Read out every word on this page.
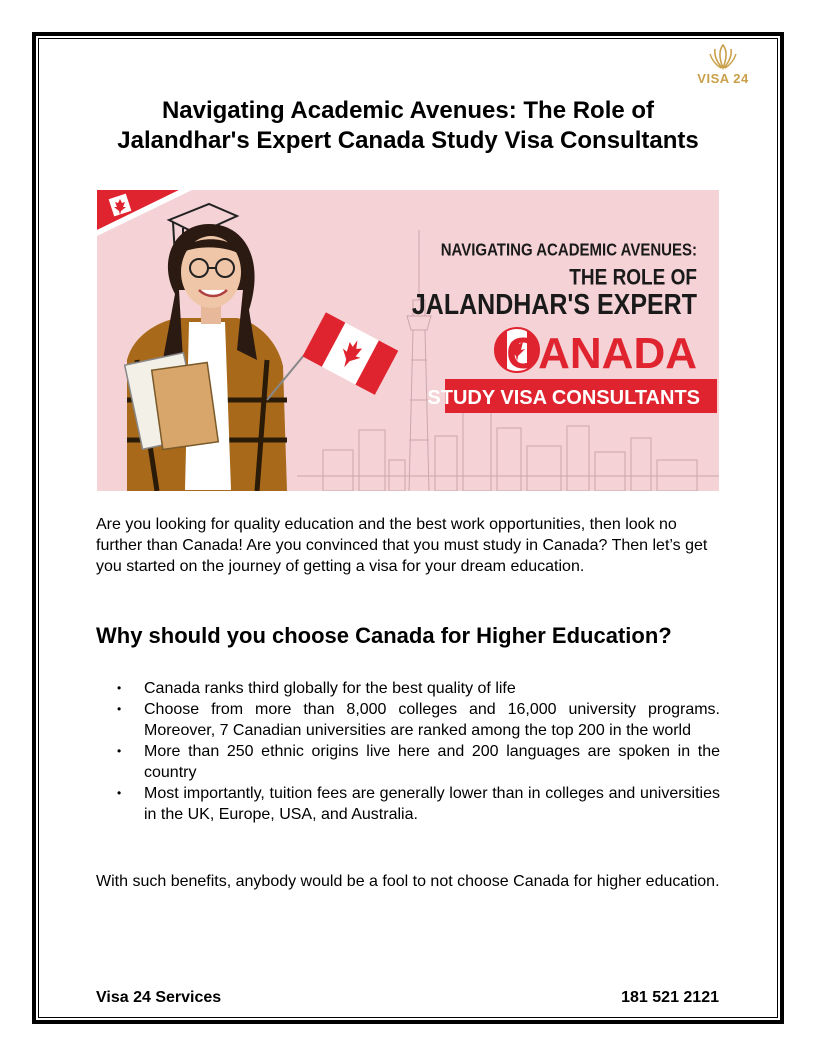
VISA 24
Navigating Academic Avenues: The Role of
Jalandhar's Expert Canada Study Visa Consultants
NAVIGATING ACADEMIC AVENUES:
THE ROLE OF
JALANDHAR'S EXPERT
CANADA
STUDY VISA CONSULTANTS

Are you looking for quality education and the best work opportunities, then look no further than Canada! Are you convinced that you must study in Canada? Then let’s get you started on the journey of getting a visa for your dream education.

Why should you choose Canada for Higher Education?
• Canada ranks third globally for the best quality of life
• Choose from more than 8,000 colleges and 16,000 university programs. Moreover, 7 Canadian universities are ranked among the top 200 in the world
• More than 250 ethnic origins live here and 200 languages are spoken in the country
• Most importantly, tuition fees are generally lower than in colleges and universities in the UK, Europe, USA, and Australia.

With such benefits, anybody would be a fool to not choose Canada for higher education.

Visa 24 Services	181 521 2121
